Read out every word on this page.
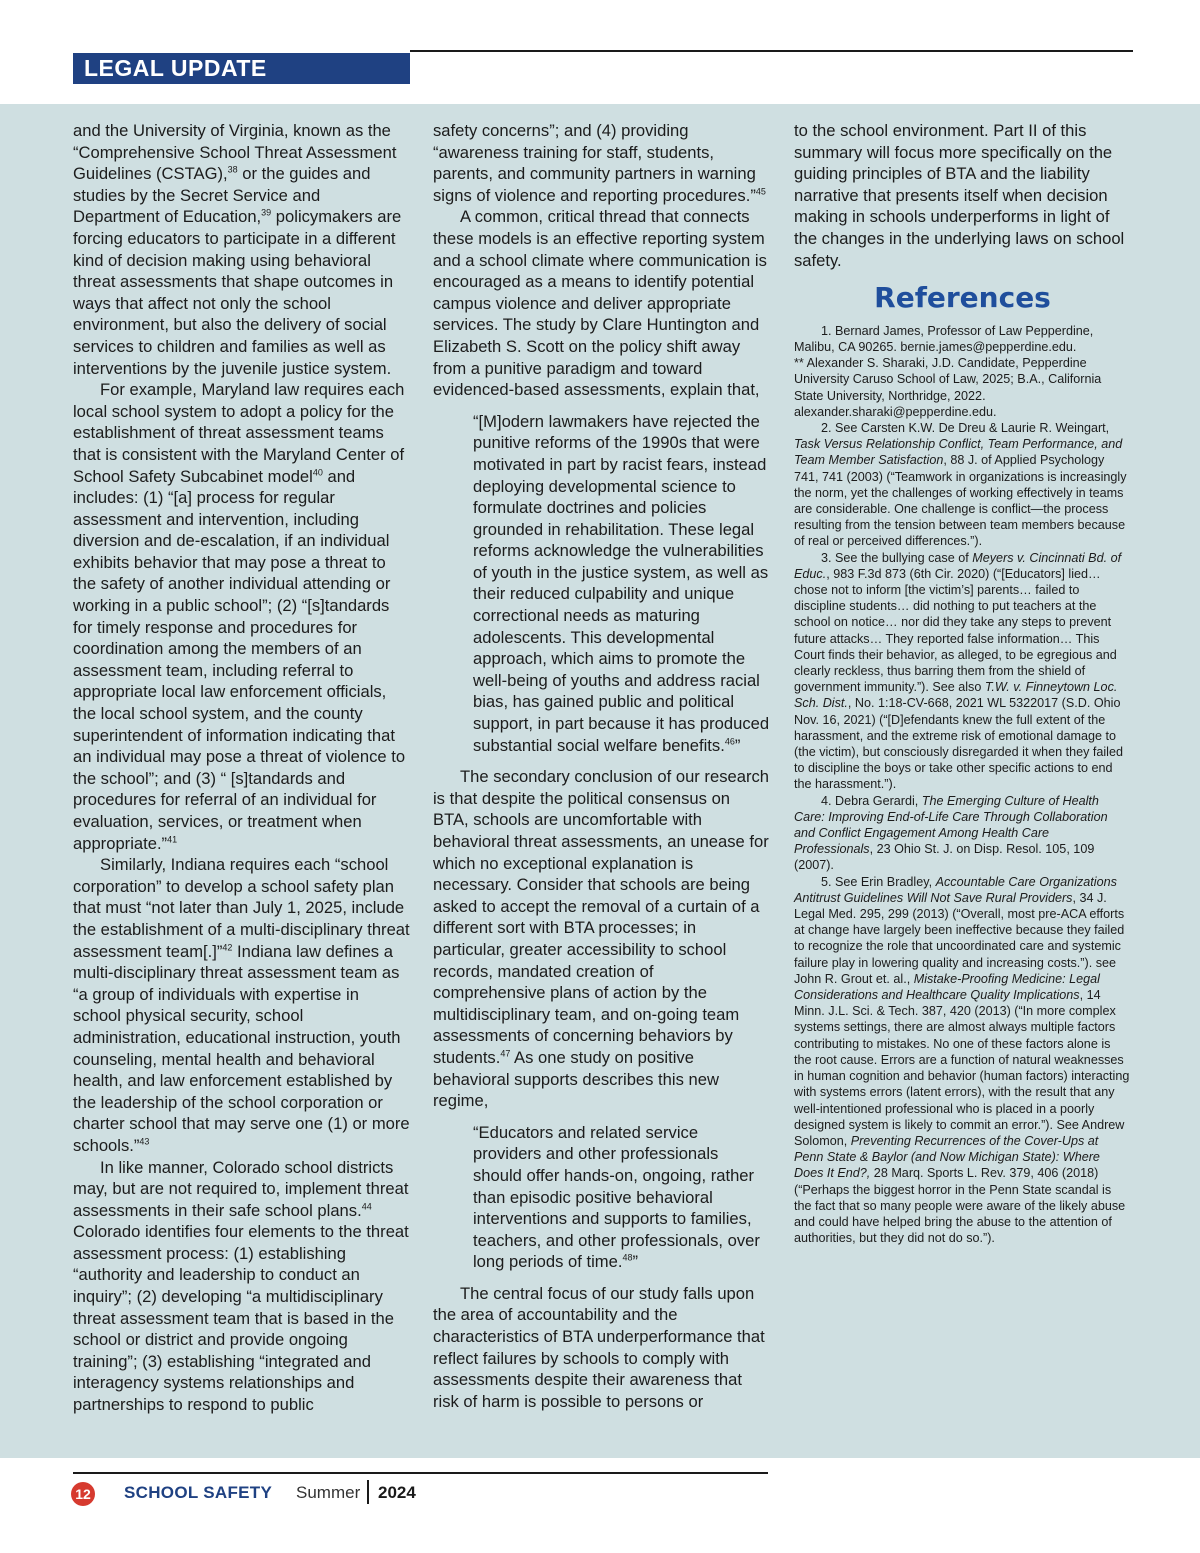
LEGAL UPDATE

and the University of Virginia, known as the “Comprehensive School Threat Assessment Guidelines (CSTAG),$^{38}$ or the guides and studies by the Secret Service and Department of Education,$^{39}$ policymakers are forcing educators to participate in a different kind of decision making using behavioral threat assessments that shape outcomes in ways that affect not only the school environment, but also the delivery of social services to children and families as well as interventions by the juvenile justice system.

For example, Maryland law requires each local school system to adopt a policy for the establishment of threat assessment teams that is consistent with the Maryland Center of School Safety Subcabinet model$^{40}$ and includes: (1) “[a] process for regular assessment and intervention, including diversion and de-escalation, if an individual exhibits behavior that may pose a threat to the safety of another individual attending or working in a public school”; (2) “[s]tandards for timely response and procedures for coordination among the members of an assessment team, including referral to appropriate local law enforcement officials, the local school system, and the county superintendent of information indicating that an individual may pose a threat of violence to the school”; and (3) “ [s]tandards and procedures for referral of an individual for evaluation, services, or treatment when appropriate.”$^{41}$

Similarly, Indiana requires each “school corporation” to develop a school safety plan that must “not later than July 1, 2025, include the establishment of a multi-disciplinary threat assessment team[.]”$^{42}$ Indiana law defines a multi-disciplinary threat assessment team as “a group of individuals with expertise in school physical security, school administration, educational instruction, youth counseling, mental health and behavioral health, and law enforcement established by the leadership of the school corporation or charter school that may serve one (1) or more schools.”$^{43}$

In like manner, Colorado school districts may, but are not required to, implement threat assessments in their safe school plans.$^{44}$ Colorado identifies four elements to the threat assessment process: (1) establishing “authority and leadership to conduct an inquiry”; (2) developing “a multidisciplinary threat assessment team that is based in the school or district and provide ongoing training”; (3) establishing “integrated and interagency systems relationships and partnerships to respond to public

safety concerns”; and (4) providing “awareness training for staff, students, parents, and community partners in warning signs of violence and reporting procedures.”$^{45}$

A common, critical thread that connects these models is an effective reporting system and a school climate where communication is encouraged as a means to identify potential campus violence and deliver appropriate services. The study by Clare Huntington and Elizabeth S. Scott on the policy shift away from a punitive paradigm and toward evidenced-based assessments, explain that,

“[M]odern lawmakers have rejected the punitive reforms of the 1990s that were motivated in part by racist fears, instead deploying developmental science to formulate doctrines and policies grounded in rehabilitation. These legal reforms acknowledge the vulnerabilities of youth in the justice system, as well as their reduced culpability and unique correctional needs as maturing adolescents. This developmental approach, which aims to promote the well-being of youths and address racial bias, has gained public and political support, in part because it has produced substantial social welfare benefits.$^{46}$”

The secondary conclusion of our research is that despite the political consensus on BTA, schools are uncomfortable with behavioral threat assessments, an unease for which no exceptional explanation is necessary. Consider that schools are being asked to accept the removal of a curtain of a different sort with BTA processes; in particular, greater accessibility to school records, mandated creation of comprehensive plans of action by the multidisciplinary team, and on-going team assessments of concerning behaviors by students.$^{47}$ As one study on positive behavioral supports describes this new regime,

“Educators and related service providers and other professionals should offer hands-on, ongoing, rather than episodic positive behavioral interventions and supports to families, teachers, and other professionals, over long periods of time.$^{48}$”

The central focus of our study falls upon the area of accountability and the characteristics of BTA underperformance that reflect failures by schools to comply with assessments despite their awareness that risk of harm is possible to persons or

to the school environment. Part II of this summary will focus more specifically on the guiding principles of BTA and the liability narrative that presents itself when decision making in schools underperforms in light of the changes in the underlying laws on school safety.

References

1. Bernard James, Professor of Law Pepperdine, Malibu, CA 90265. bernie.james@pepperdine.edu.
** Alexander S. Sharaki, J.D. Candidate, Pepperdine University Caruso School of Law, 2025; B.A., California State University, Northridge, 2022. alexander.sharaki@pepperdine.edu.

2. See Carsten K.W. De Dreu & Laurie R. Weingart, Task Versus Relationship Conflict, Team Performance, and Team Member Satisfaction, 88 J. of Applied Psychology 741, 741 (2003) (“Teamwork in organizations is increasingly the norm, yet the challenges of working effectively in teams are considerable. One challenge is conflict—the process resulting from the tension between team members because of real or perceived differences.”).

3. See the bullying case of Meyers v. Cincinnati Bd. of Educ., 983 F.3d 873 (6th Cir. 2020) (“[Educators] lied…chose not to inform [the victim’s] parents… failed to discipline students… did nothing to put teachers at the school on notice… nor did they take any steps to prevent future attacks… They reported false information… This Court finds their behavior, as alleged, to be egregious and clearly reckless, thus barring them from the shield of government immunity.”). See also T.W. v. Finneytown Loc. Sch. Dist., No. 1:18-CV-668, 2021 WL 5322017 (S.D. Ohio Nov. 16, 2021) (“[D]efendants knew the full extent of the harassment, and the extreme risk of emotional damage to (the victim), but consciously disregarded it when they failed to discipline the boys or take other specific actions to end the harassment.”).

4. Debra Gerardi, The Emerging Culture of Health Care: Improving End-of-Life Care Through Collaboration and Conflict Engagement Among Health Care Professionals, 23 Ohio St. J. on Disp. Resol. 105, 109 (2007).

5. See Erin Bradley, Accountable Care Organizations Antitrust Guidelines Will Not Save Rural Providers, 34 J. Legal Med. 295, 299 (2013) (“Overall, most pre-ACA efforts at change have largely been ineffective because they failed to recognize the role that uncoordinated care and systemic failure play in lowering quality and increasing costs.”). see John R. Grout et. al., Mistake-Proofing Medicine: Legal Considerations and Healthcare Quality Implications, 14 Minn. J.L. Sci. & Tech. 387, 420 (2013) (“In more complex systems settings, there are almost always multiple factors contributing to mistakes. No one of these factors alone is the root cause. Errors are a function of natural weaknesses in human cognition and behavior (human factors) interacting with systems errors (latent errors), with the result that any well-intentioned professional who is placed in a poorly designed system is likely to commit an error.”). See Andrew Solomon, Preventing Recurrences of the Cover-Ups at Penn State & Baylor (and Now Michigan State): Where Does It End?, 28 Marq. Sports L. Rev. 379, 406 (2018) (“Perhaps the biggest horror in the Penn State scandal is the fact that so many people were aware of the likely abuse and could have helped bring the abuse to the attention of authorities, but they did not do so.”).

12 SCHOOL SAFETY Summer 2024
